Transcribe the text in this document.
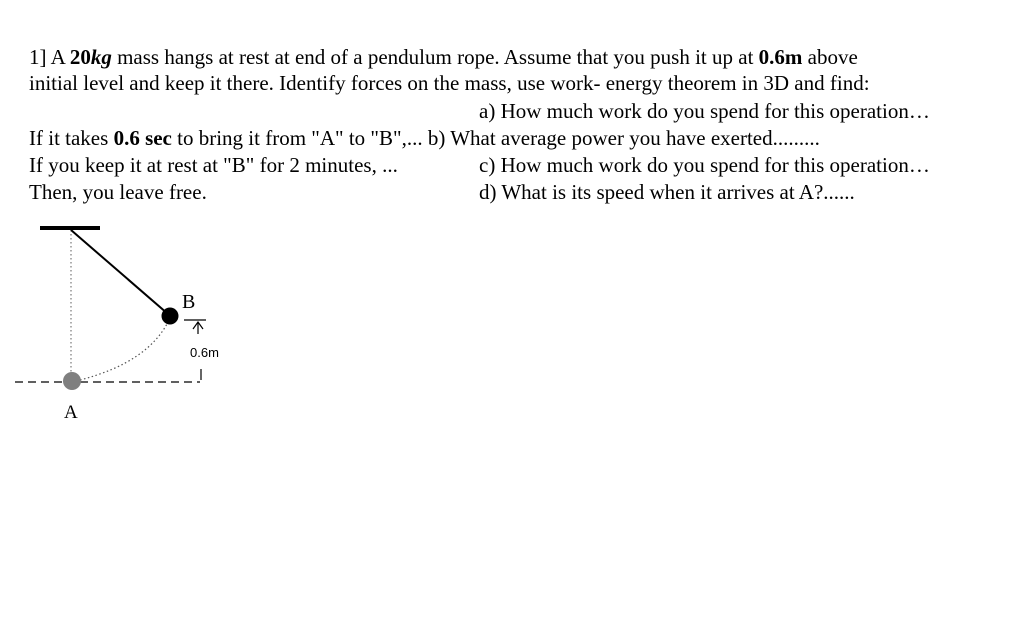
1] A 20kg mass hangs at rest at end of a pendulum rope. Assume that you push it up at 0.6m above
initial level and keep it there. Identify forces on the mass, use work- energy theorem in 3D and find:
a) How much work do you spend for this operation…
If it takes 0.6 sec to bring it from "A" to "B",... b) What average power you have exerted.........
If you keep it at rest at "B" for 2 minutes, ...	c) How much work do you spend for this operation…
Then, you leave free.	d) What is its speed when it arrives at A?......
B
A
0.6m
